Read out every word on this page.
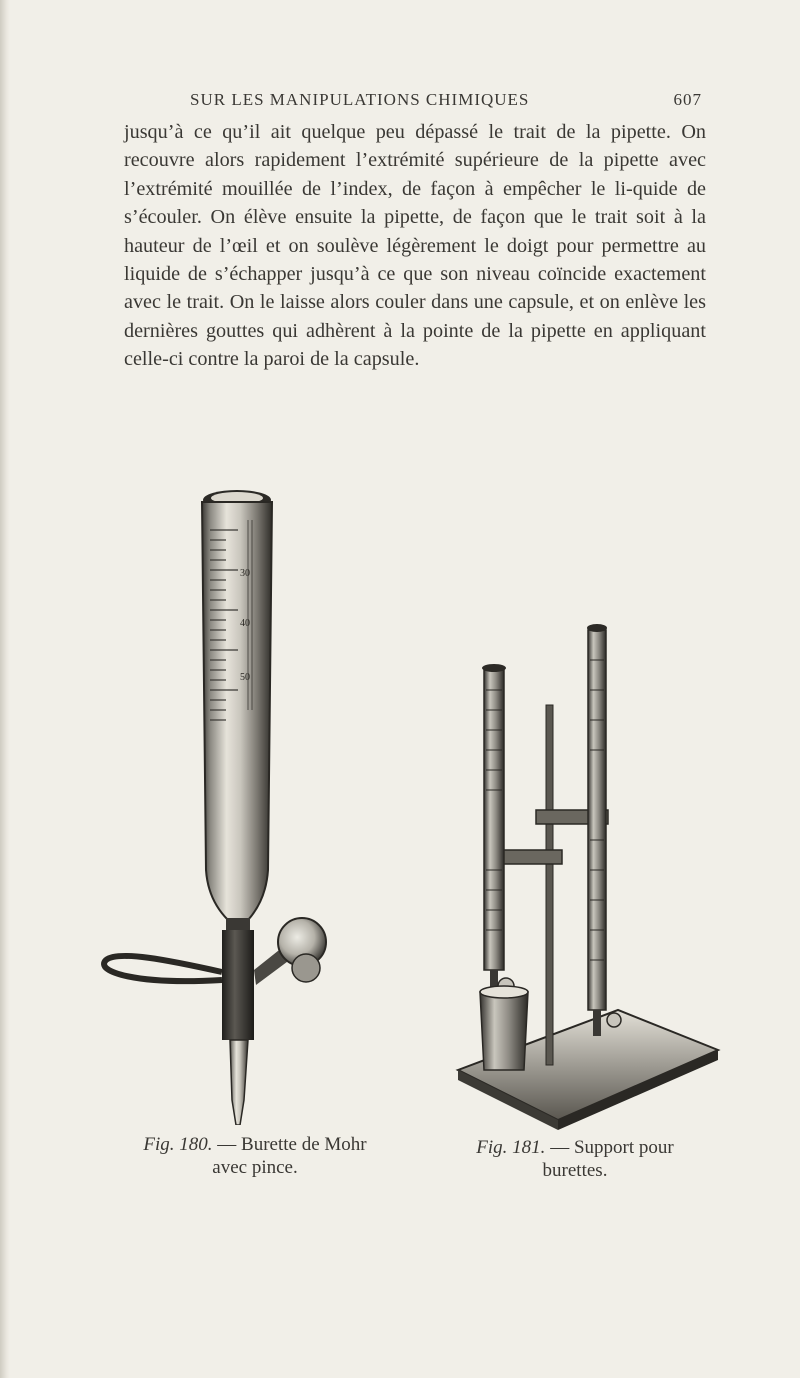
SUR LES MANIPULATIONS CHIMIQUES	607

jusqu’à ce qu’il ait quelque peu dépassé le trait de la pipette. On recouvre alors rapidement l’extrémité supérieure de la pipette avec l’extrémité mouillée de l’index, de façon à empêcher le li-quide de s’écouler. On élève ensuite la pipette, de façon que le trait soit à la hauteur de l’œil et on soulève légèrement le doigt pour permettre au liquide de s’échapper jusqu’à ce que son niveau coïncide exactement avec le trait. On le laisse alors couler dans une capsule, et on enlève les dernières gouttes qui adhèrent à la pointe de la pipette en appliquant celle-ci contre la paroi de la capsule.

30
40
50
Fig. 180. — Burette de Mohr
avec pince.
Fig. 181. — Support pour
burettes.
